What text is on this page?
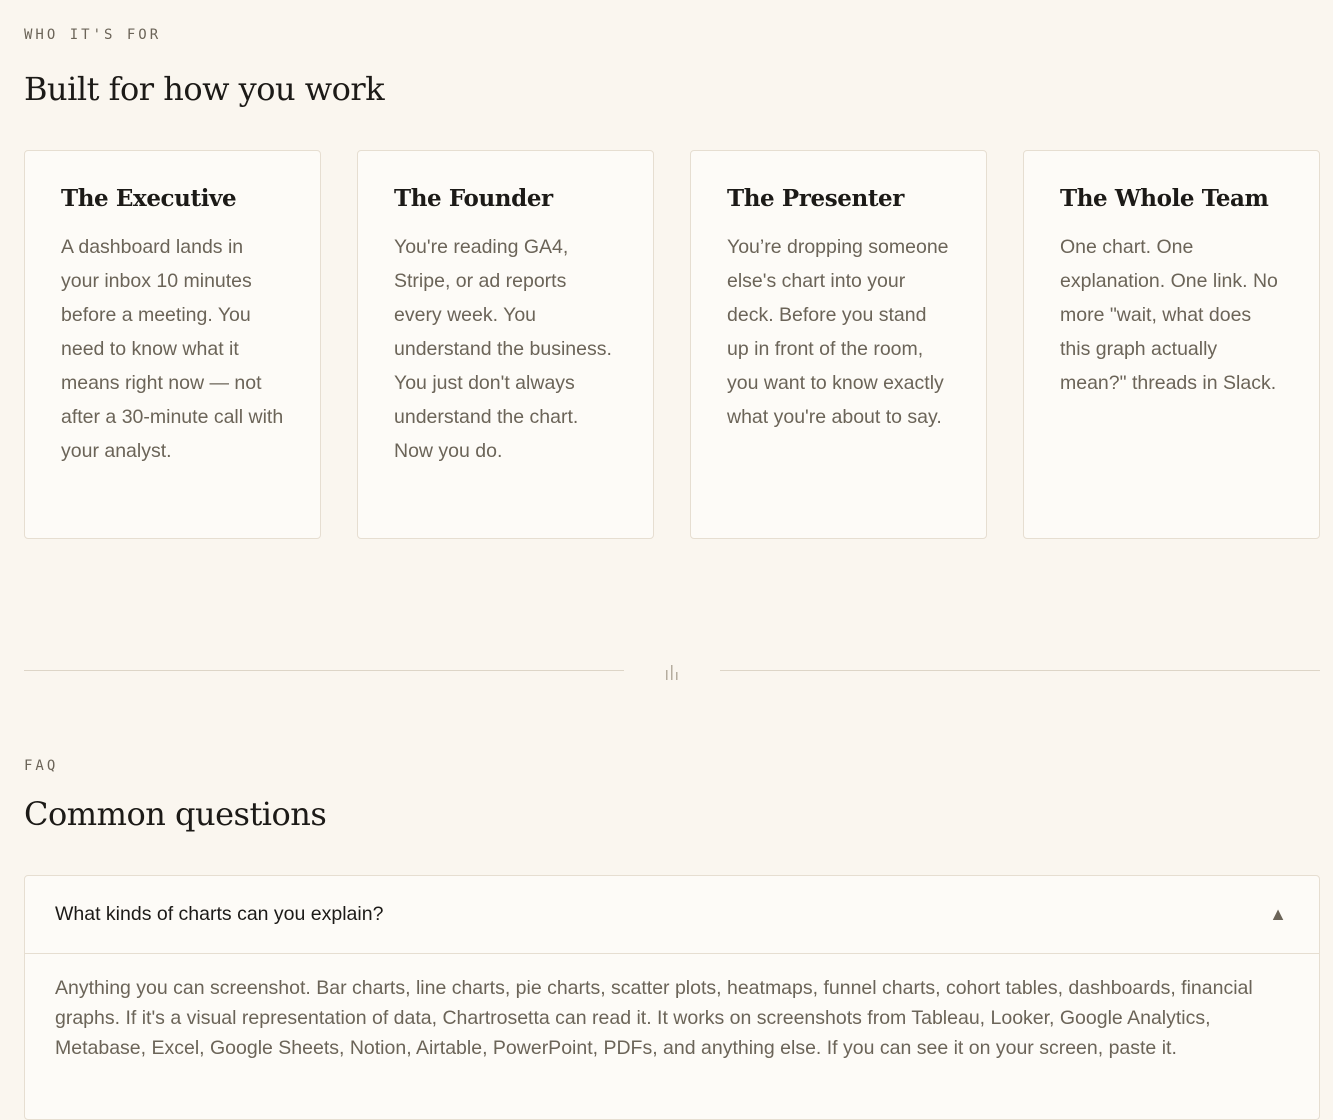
WHO IT'S FOR
Built for how you work
The Executive

A dashboard lands in your inbox 10 minutes before a meeting. You need to know what it means right now — not after a 30-minute call with your analyst.

The Founder

You're reading GA4, Stripe, or ad reports every week. You understand the business. You just don't always understand the chart. Now you do.

The Presenter

You’re dropping someone else's chart into your deck. Before you stand up in front of the room, you want to know exactly what you're about to say.

The Whole Team

One chart. One explanation. One link. No more "wait, what does this graph actually mean?" threads in Slack.

FAQ
Common questions
What kinds of charts can you explain?	▲

Anything you can screenshot. Bar charts, line charts, pie charts, scatter plots, heatmaps, funnel charts, cohort tables, dashboards, financial graphs. If it's a visual representation of data, Chartrosetta can read it. It works on screenshots from Tableau, Looker, Google Analytics, Metabase, Excel, Google Sheets, Notion, Airtable, PowerPoint, PDFs, and anything else. If you can see it on your screen, paste it.
